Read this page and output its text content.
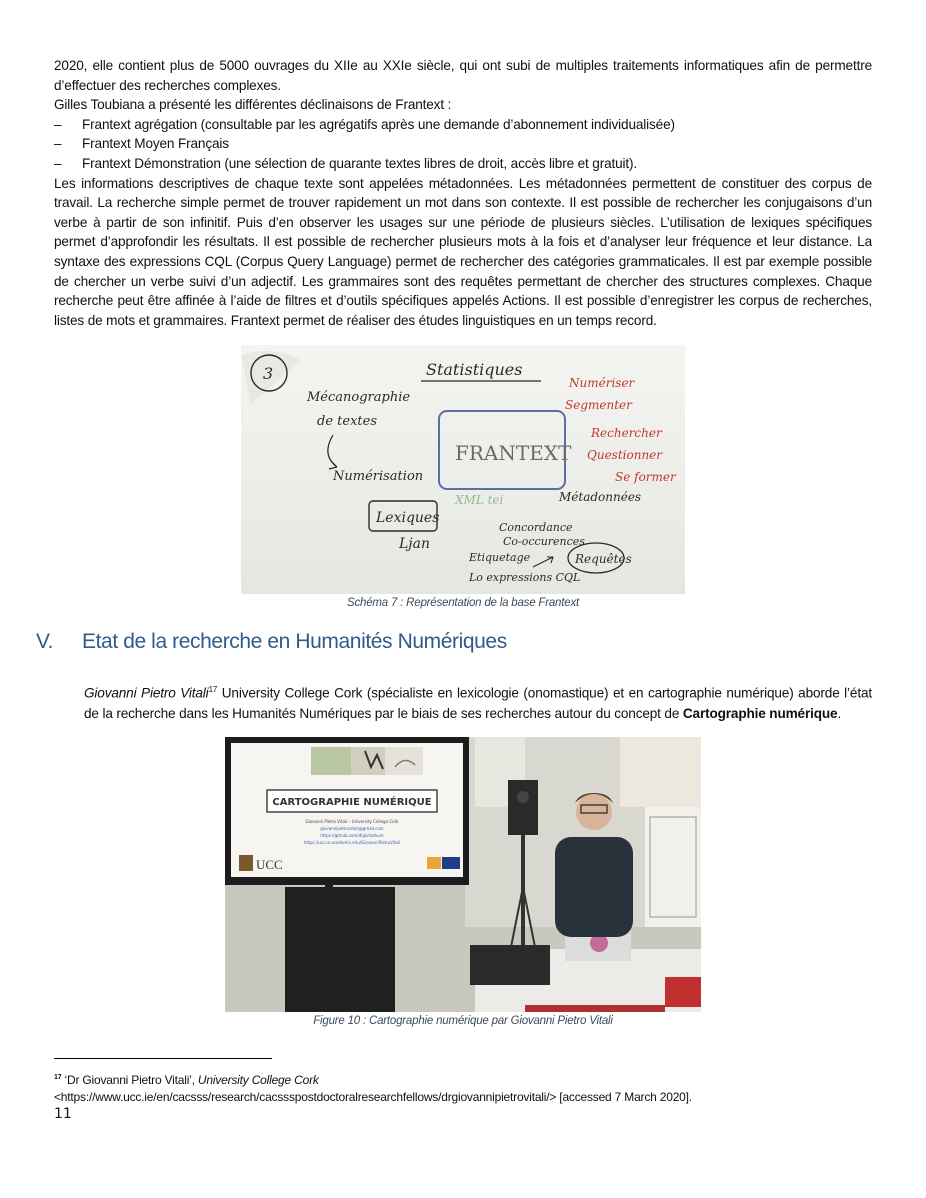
2020, elle contient plus de 5000 ouvrages du XIIe au XXIe siècle, qui ont subi de multiples traitements informatiques afin de permettre d’effectuer des recherches complexes.

Gilles Toubiana a présenté les différentes déclinaisons de Frantext :

–	Frantext agrégation (consultable par les agrégatifs après une demande d’abonnement individualisée)
–	Frantext Moyen Français
–	Frantext Démonstration (une sélection de quarante textes libres de droit, accès libre et gratuit).

Les informations descriptives de chaque texte sont appelées métadonnées. Les métadonnées permettent de constituer des corpus de travail. La recherche simple permet de trouver rapidement un mot dans son contexte. Il est possible de rechercher les conjugaisons d’un verbe à partir de son infinitif. Puis d’en observer les usages sur une période de plusieurs siècles. L’utilisation de lexiques spécifiques permet d’approfondir les résultats. Il est possible de rechercher plusieurs mots à la fois et d’analyser leur fréquence et leur distance. La syntaxe des expressions CQL (Corpus Query Language) permet de rechercher des catégories grammaticales. Il est par exemple possible de chercher un verbe suivi d’un adjectif. Les grammaires sont des requêtes permettant de chercher des structures complexes. Chaque recherche peut être affinée à l’aide de filtres et d’outils spécifiques appelés Actions. Il est possible d’enregistrer les corpus de recherches, listes de mots et grammaires. Frantext permet de réaliser des études linguistiques en un temps record.

3	Statistiques
Mécanographie
de textes
Numérisation
FRANTEXT
XML tei	Métadonnées
Lexiques
Ljan
Concordance
Co-occurences
Etiquetage
Lo expressions CQL
Requêtes
Numériser
Segmenter
Rechercher
Questionner
Se former
Schéma 7 : Représentation de la base Frantext
V. Etat de la recherche en Humanités Numériques
Giovanni Pietro Vitali$^{17}$ University College Cork (spécialiste en lexicologie (onomastique) et en cartographie numérique) aborde l’état de la recherche dans les Humanités Numériques par le biais de ses recherches autour du concept de Cartographie numérique.
CARTOGRAPHIE NUMÉRIQUE
Giovanni Pietro Vitali – University College Cork
giovannipietrovitali@gmail.com
https://github.com/digivitalhum
https://ucc.ie.academia.edu/GiovanniPietroVitali
UCC
Figure 10 : Cartographie numérique par Giovanni Pietro Vitali
$^{17}$ ‘Dr Giovanni Pietro Vitali’, University College Cork
<https://www.ucc.ie/en/cacsss/research/cacssspostdoctoralresearchfellows/drgiovannipietrovitali/> [accessed 7 March 2020].
11
